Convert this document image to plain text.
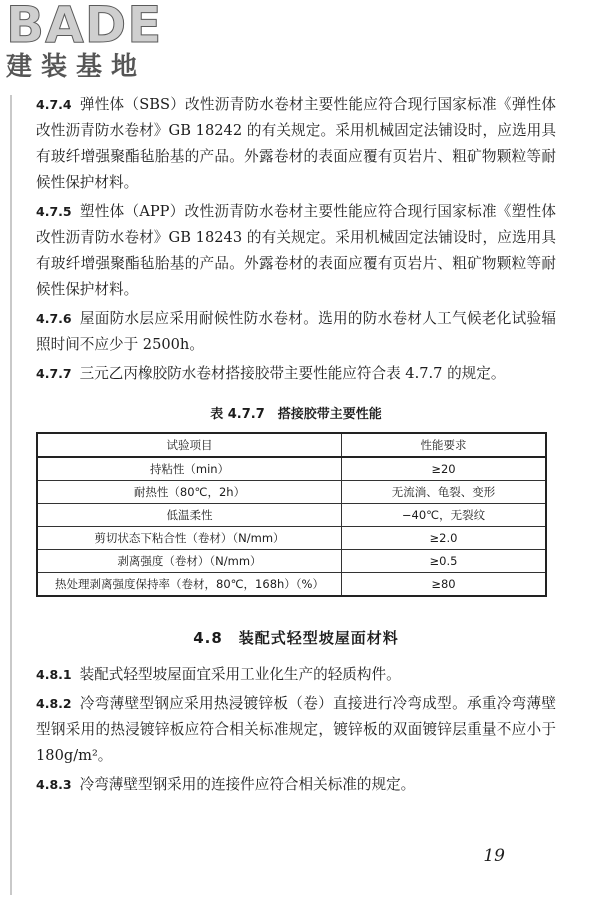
BADE
建装基地

4.7.4 弹性体（SBS）改性沥青防水卷材主要性能应符合现行国家标准《弹性体改性沥青防水卷材》GB 18242 的有关规定。采用机械固定法铺设时，应选用具有玻纤增强聚酯毡胎基的产品。外露卷材的表面应覆有页岩片、粗矿物颗粒等耐候性保护材料。

4.7.5 塑性体（APP）改性沥青防水卷材主要性能应符合现行国家标准《塑性体改性沥青防水卷材》GB 18243 的有关规定。采用机械固定法铺设时，应选用具有玻纤增强聚酯毡胎基的产品。外露卷材的表面应覆有页岩片、粗矿物颗粒等耐候性保护材料。

4.7.6 屋面防水层应采用耐候性防水卷材。选用的防水卷材人工气候老化试验辐照时间不应少于 2500h。

4.7.7 三元乙丙橡胶防水卷材搭接胶带主要性能应符合表 4.7.7 的规定。

表 4.7.7　搭接胶带主要性能
试验项目	性能要求
持粘性（min）	≥20
耐热性（80℃，2h）	无流淌、龟裂、变形
低温柔性	−40℃，无裂纹
剪切状态下粘合性（卷材）（N/mm）	≥2.0
剥离强度（卷材）（N/mm）	≥0.5
热处理剥离强度保持率（卷材，80℃，168h）（%）	≥80
4.8　装配式轻型坡屋面材料

4.8.1 装配式轻型坡屋面宜采用工业化生产的轻质构件。

4.8.2 冷弯薄壁型钢应采用热浸镀锌板（卷）直接进行冷弯成型。承重冷弯薄壁型钢采用的热浸镀锌板应符合相关标准规定，镀锌板的双面镀锌层重量不应小于 180g/m²。

4.8.3 冷弯薄壁型钢采用的连接件应符合相关标准的规定。

19
